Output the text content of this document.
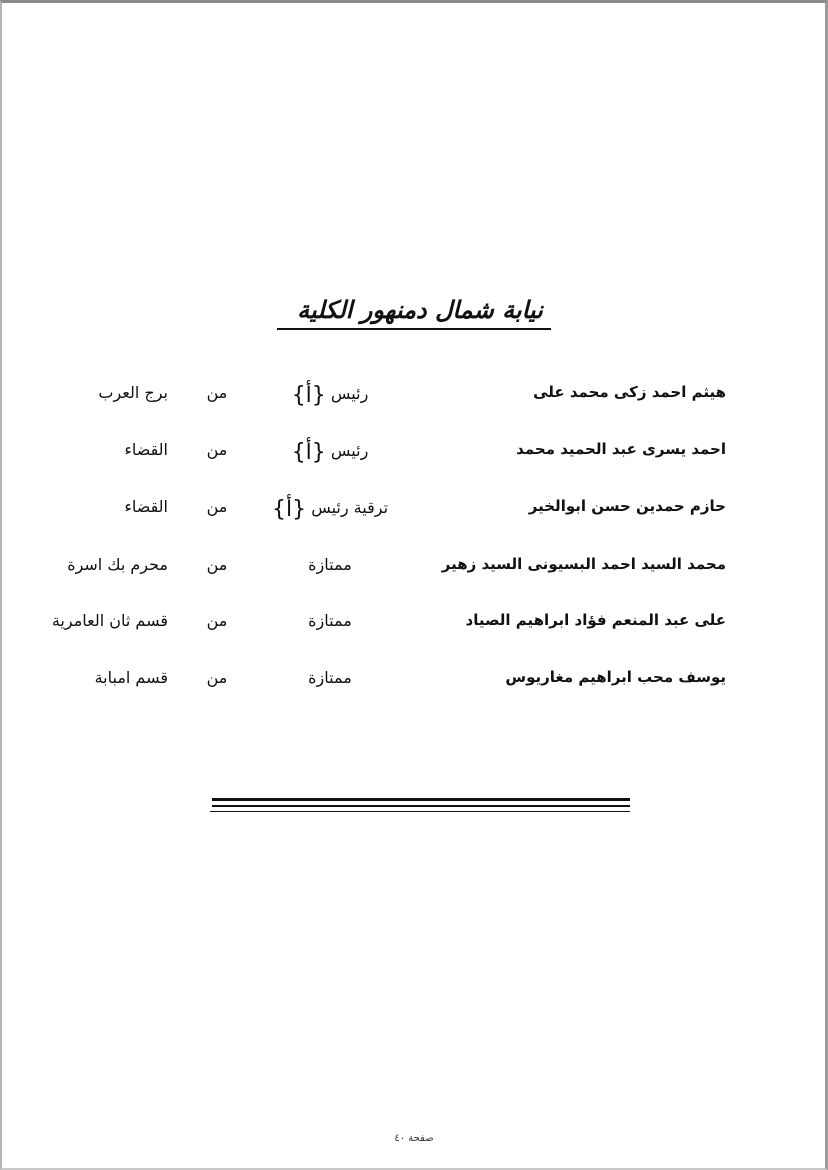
نيابة شمال دمنهور الكلية
هيثم احمد زكى محمد على
رئيس {أ}
من
برج العرب
احمد يسرى عبد الحميد محمد
رئيس {أ}
من
القضاء
حازم حمدين حسن ابوالخير
ترقية رئيس {أ}
من
القضاء
محمد السيد احمد البسيونى السيد زهير
ممتازة
من
محرم بك اسرة
على عبد المنعم فؤاد ابراهيم الصياد
ممتازة
من
قسم ثان العامرية
يوسف محب ابراهيم مغاريوس
ممتازة
من
قسم امبابة
صفحة ٤٠
